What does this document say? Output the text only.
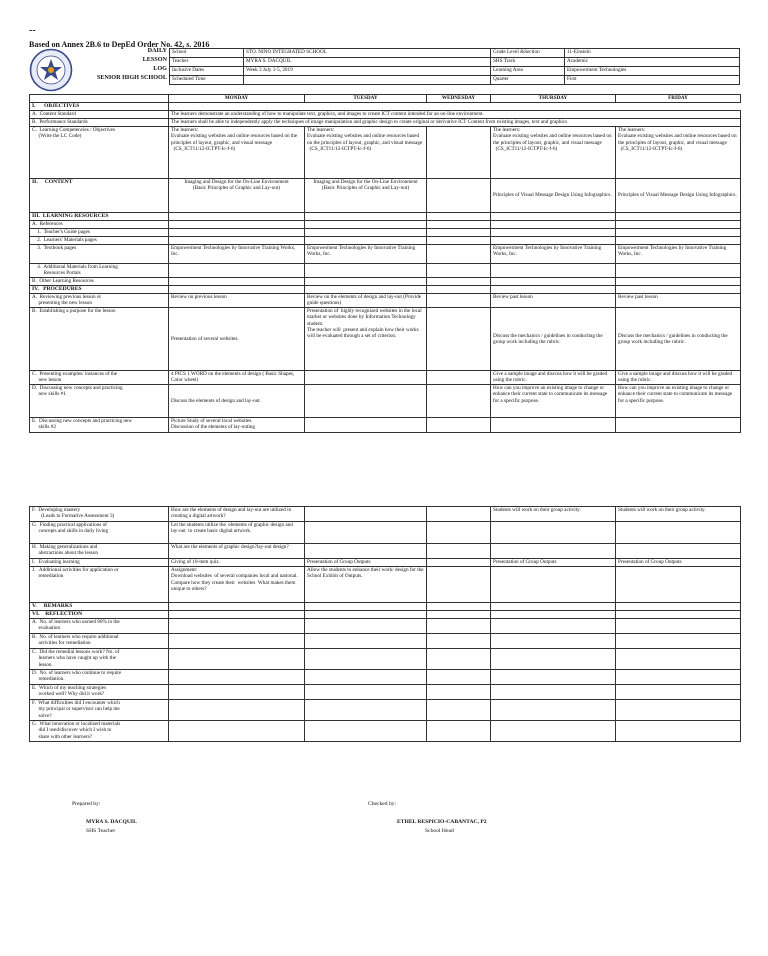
--
Based on Annex 2B.6 to DepEd Order No. 42, s. 2016
DAILY
LESSON
LOG
SENIOR HIGH SCHOOL
School	STO. NINO INTEGRATED SCHOOL	Grade Level &Section	11-Einstein
Teacher	MYRA S. DACQUIL	SHS Track	Academic
Inclusive Dates	Week 3 July 1-5, 2019	Learning Area	Empowerment Technologies
Scheduled Time		Quarter	First
	MONDAY	TUESDAY	WEDNESDAY	THURSDAY	FRIDAY
I.      OBJECTIVES					
A.  Content Standard	The learners demonstrate an understanding of how to manipulate text, graphics, and images to create ICT content intended for an on-line environment.				
B.  Performance Standards	The learners shall be able to independently apply the techniques of image manipulation and graphic design to create original or derivative ICT Content from existing images, text and graphics				
C.  Learning Competencies / Objectives
(Write the LC Code)	The learners:
Evaluate existing websites and online resources based on the principles of layout, graphic, and visual message
(CS_ICT11/12-ICTPT-Ic-f-6)	The learners:
Evaluate existing websites and online resources based on the principles of layout, graphic, and visual message
(CS_ICT11/12-ICTPT-Ic-f-6)		The learners:
Evaluate existing websites and online resources based on the principles of layout, graphic, and visual message
(CS_ICT11/12-ICTPT-Ic-f-6)	The learners:
Evaluate existing websites and online resources based on the principles of layout, graphic, and visual message
(CS_ICT11/12-ICTPT-Ic-f-6)
II.     CONTENT	Imaging and Design for the On-Line Environment
(Basic Principles of Graphic and Lay-out)	Imaging and Design for the On-Line Environment
(Basic Principles of Graphic and Lay-out)		Principles of Visual Message Design Using Infographics.	Principles of Visual Message Design Using Infographics.
III.  LEARNING RESOURCES					
A.  References					
1.  Teacher's Guide pages					
2.  Learners' Materials pages					
3.  Textbook pages	Empowerment Technologies by Innovative Training Works, Inc.	Empowerment Technologies by Innovative Training Works, Inc.		Empowerment Technologies by Innovative Training Works, Inc.	Empowerment Technologies by Innovative Training Works, Inc.
4.  Additional Materials from Learning
Resources Portals					
B.  Other Learning Resources					
IV.   PROCEDURES					
A.  Reviewing previous lesson or
presenting the new lesson	Review on previous lesson	Review on the elements of design and lay-out (Provide guide questions)		Review past lesson	Review past lesson
B.  Establishing a purpose for the lesson	Presentation of several websites.	Presentation of  highly recognized websites in the local market or websites done by Information Technology student.
The teacher will  present and explain how their works  will be evaluated through a set of criterion.		Discuss the mechanics / guidelines in conducting the group work including the rubric.	Discuss the mechanics / guidelines in conducting the group work including the rubric.
C.  Presenting examples/ instances of the
new lesson	4 PICS 1 WORD on the elements of design ( Basic Shapes, Color wheel)			Give a sample image and discuss how it will be graded using the rubric.	Give a sample image and discuss how it will be graded using the rubric.
D.  Discussing new concepts and practicing
new skills #1	Discuss the elements of design and lay-out.			How can you improve an existing image to change or enhance their current state to communicate its message for a specific purpose.	How can you improve an existing image to change or enhance their current state to communicate its message for a specific purpose.
E.  Discussing new concepts and practicing new
skills #2	Picture Study of several local websites.
Discussion of the elements of lay-outing				
F.  Developing mastery
(Leads to Formative Assessment 3)	How are the elements of design and lay-out are utilized in creating a digital artwork?			Students will work on their group activity.	Students will work on their group activity.
G.  Finding practical applications of
concepts and skills in daily living	Let the students utilize the  elements of graphic design and lay-out  to create basic digital artwork.				
H.  Making generalizations and
abstractions about the lesson	What are the elements of graphic design?lay-out design?				
I.   Evaluating learning	Giving of 10-item quiz.	Presentation of Group Outputs		Presentation of Group Outputs	Presentation of Group Outputs
J.   Additional activities for application or
remediation	Assignment:
Download websites  of several companies local and national. Compare how they create their  websites  What makes them unique to others?	Allow the students to enhance their work/ design for the School Exhibit of Outputs.			
V.     REMARKS					
VI.    REFLECTION					
A.  No. of learners who earned 80% in the
evaluation					
B.  No. of learners who require additional
activities for remediation					
C.  Did the remedial lessons work? No. of
learners who have caught up with the
lesson.					
D.  No. of learners who continue to require
remediation.					
E.  Which of my teaching strategies
worked well? Why did it work?					
F.  What difficulties did I encounter which
my principal or supervisor can help me
solve?					
G.  What innovation or localized materials
did I used/discover which I wish to
share with other learners?					
Prepared by:
MYRA S. DACQUIL
SHS Teacher
Checked by:
ETHEL RESPICIO-CABANTAC, P2
School Head
